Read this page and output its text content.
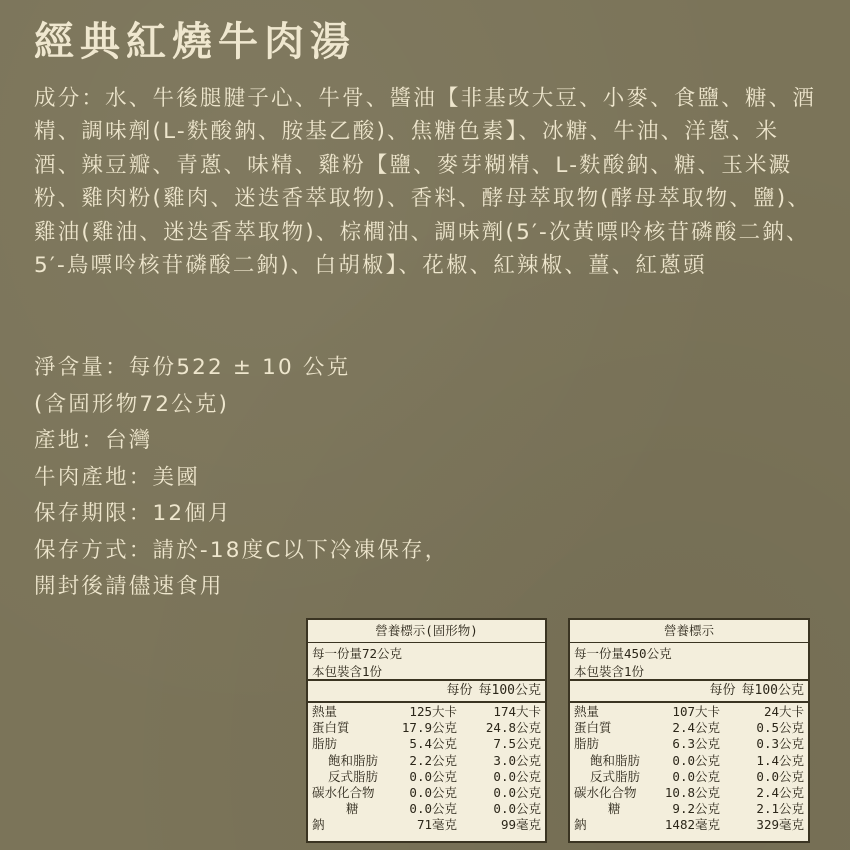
經典紅燒牛肉湯

成分：水、牛後腿腱子心、牛骨、醬油【非基改大豆、小麥、食鹽、糖、酒精、調味劑(L-麩酸鈉、胺基乙酸)、焦糖色素】、冰糖、牛油、洋蔥、米酒、辣豆瓣、青蔥、味精、雞粉【鹽、麥芽糊精、L-麩酸鈉、糖、玉米澱粉、雞肉粉(雞肉、迷迭香萃取物)、香料、酵母萃取物(酵母萃取物、鹽)、雞油(雞油、迷迭香萃取物)、棕櫚油、調味劑(5′-次黃嘌呤核苷磷酸二鈉、5′-鳥嘌呤核苷磷酸二鈉)、白胡椒】、花椒、紅辣椒、薑、紅蔥頭

淨含量：每份522 ± 10 公克
(含固形物72公克)
產地：台灣
牛肉產地：美國
保存期限：12個月
保存方式：請於-18度C以下冷凍保存，
開封後請儘速食用
營養標示(固形物)
每一份量72公克
本包裝含1份
每份 每100公克
熱量	125大卡	174大卡
蛋白質	17.9公克	24.8公克
脂肪	5.4公克	7.5公克
飽和脂肪	2.2公克	3.0公克
反式脂肪	0.0公克	0.0公克
碳水化合物	0.0公克	0.0公克
糖	0.0公克	0.0公克
鈉	71毫克	99毫克
營養標示
每一份量450公克
本包裝含1份
每份 每100公克
熱量	107大卡	24大卡
蛋白質	2.4公克	0.5公克
脂肪	6.3公克	0.3公克
飽和脂肪	0.0公克	1.4公克
反式脂肪	0.0公克	0.0公克
碳水化合物	10.8公克	2.4公克
糖	9.2公克	2.1公克
鈉	1482毫克	329毫克
